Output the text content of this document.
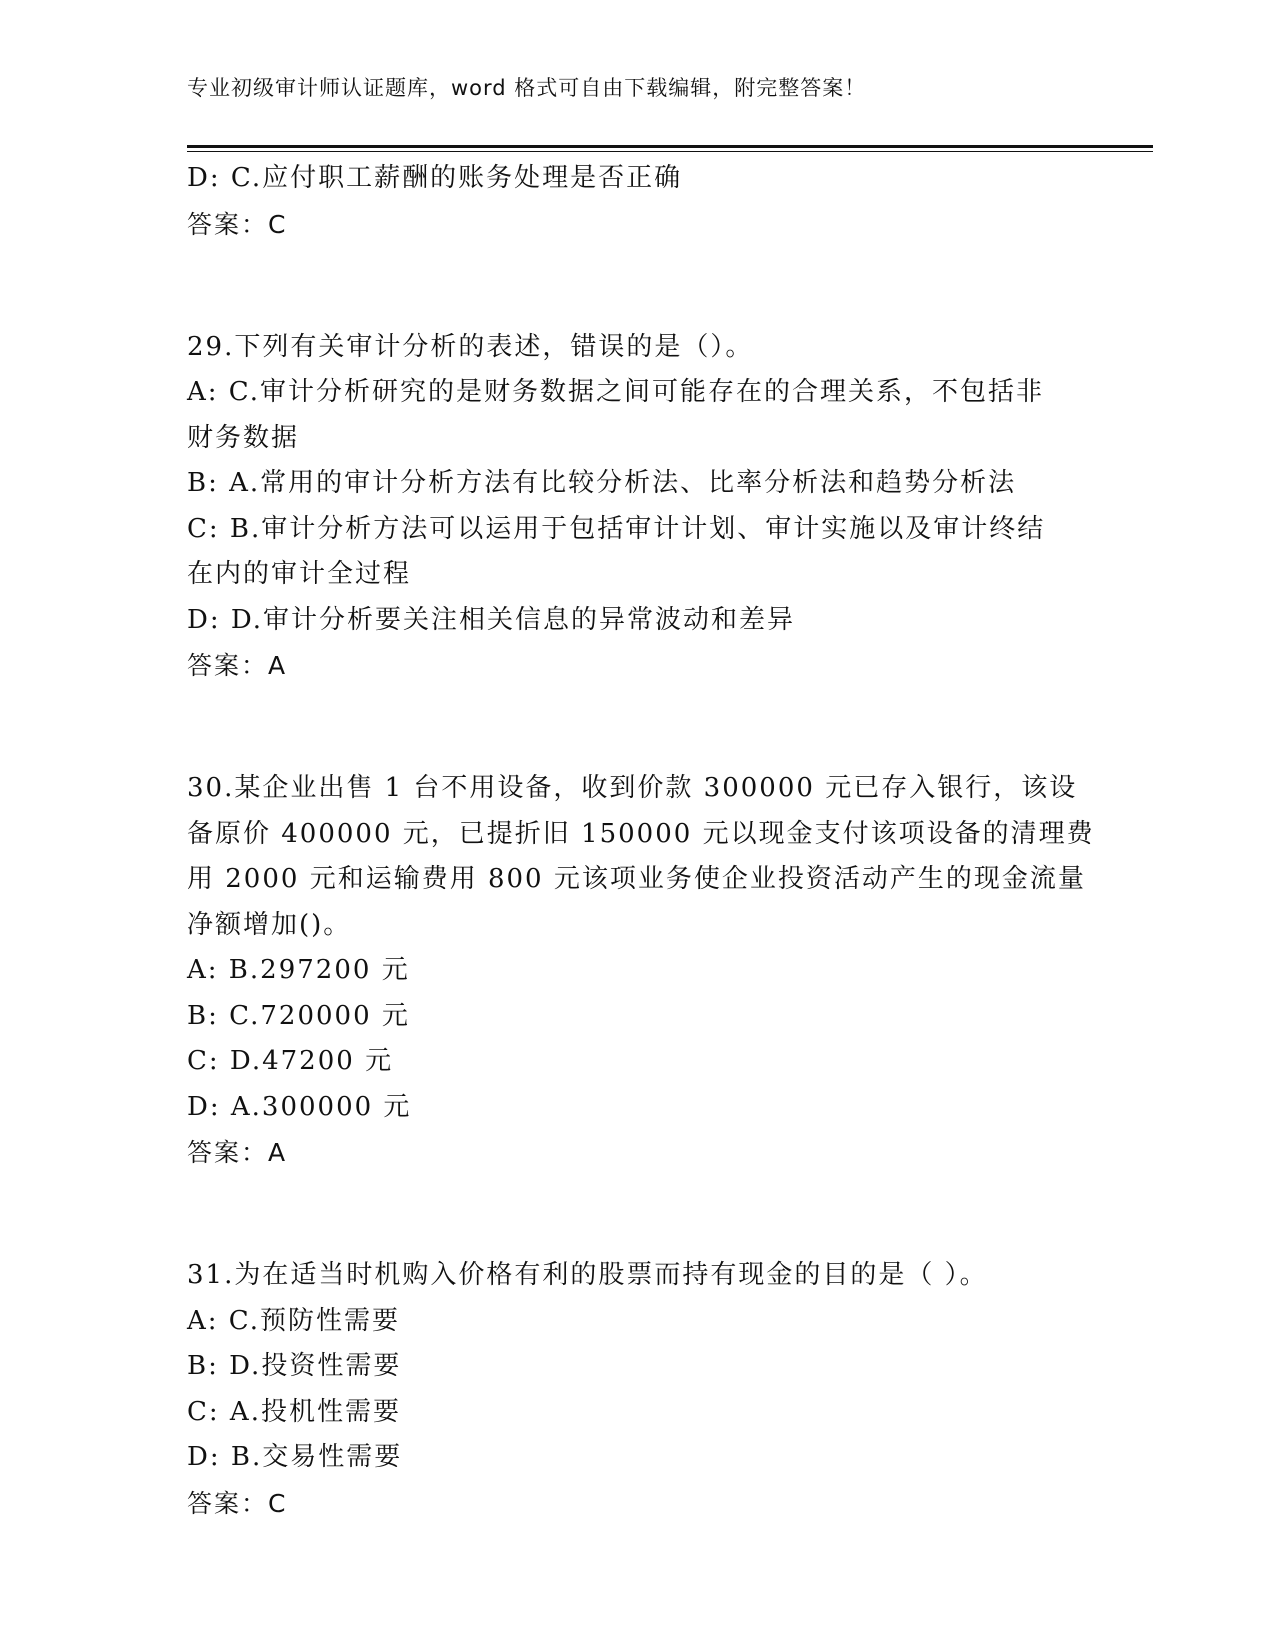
专业初级审计师认证题库，word 格式可自由下载编辑，附完整答案！

D: C.应付职工薪酬的账务处理是否正确

答案：C

29.下列有关审计分析的表述，错误的是（）。

A: C.审计分析研究的是财务数据之间可能存在的合理关系，不包括非

财务数据

B: A.常用的审计分析方法有比较分析法、比率分析法和趋势分析法

C: B.审计分析方法可以运用于包括审计计划、审计实施以及审计终结

在内的审计全过程

D: D.审计分析要关注相关信息的异常波动和差异

答案：A

30.某企业出售 1 台不用设备，收到价款 300000 元已存入银行，该设

备原价 400000 元，已提折旧 150000 元以现金支付该项设备的清理费

用 2000 元和运输费用 800 元该项业务使企业投资活动产生的现金流量

净额增加()。

A: B.297200 元

B: C.720000 元

C: D.47200 元

D: A.300000 元

答案：A

31.为在适当时机购入价格有利的股票而持有现金的目的是（ ）。

A: C.预防性需要

B: D.投资性需要

C: A.投机性需要

D: B.交易性需要

答案：C
